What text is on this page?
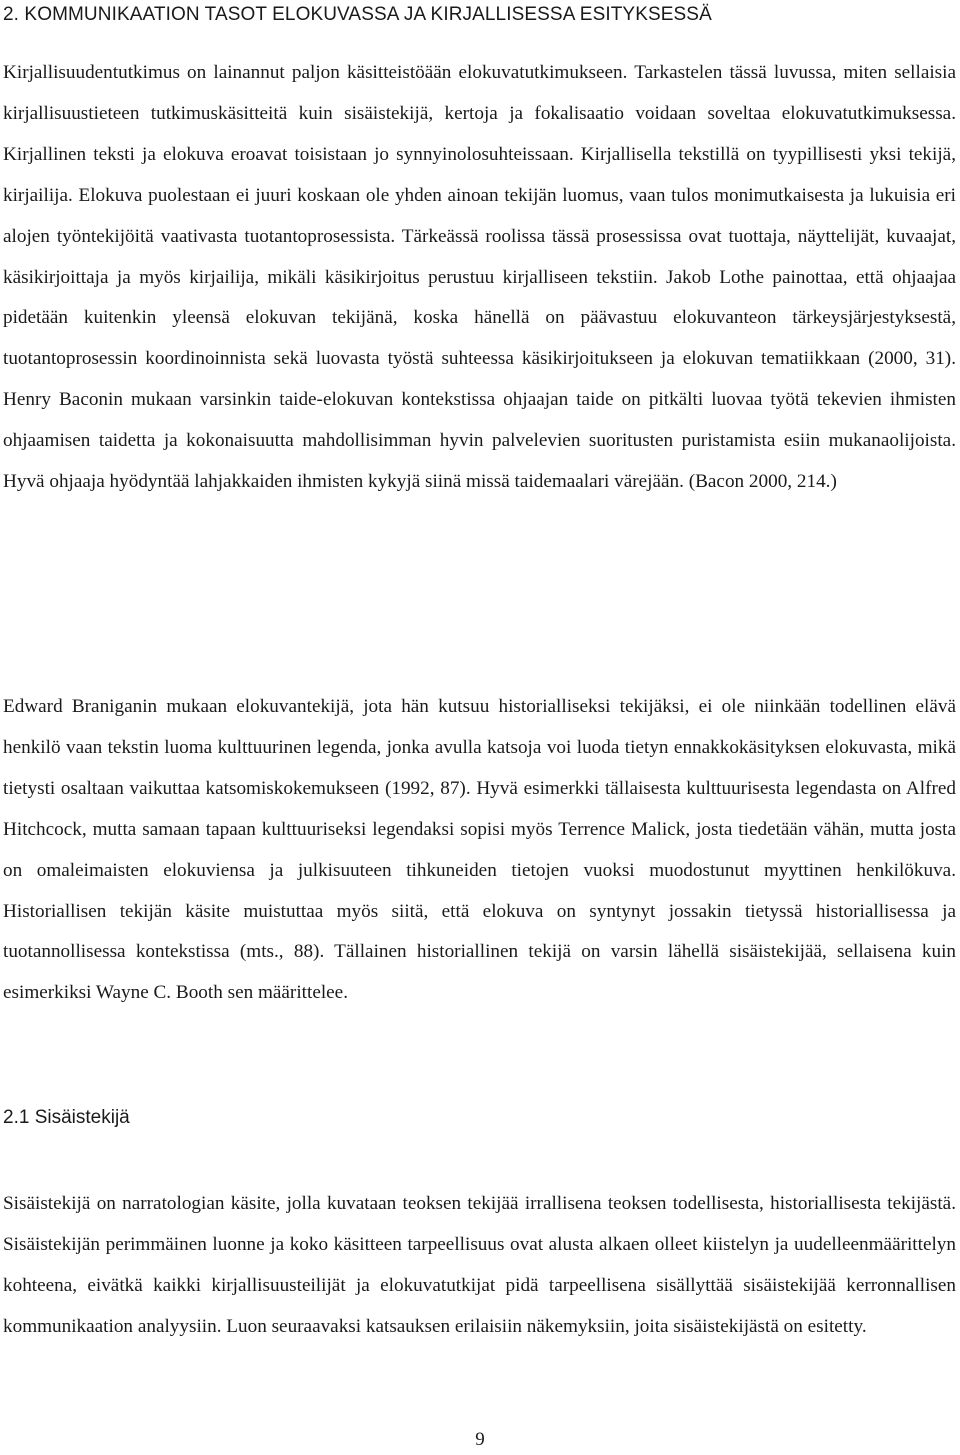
2. KOMMUNIKAATION TASOT ELOKUVASSA JA KIRJALLISESSA ESITYKSESSÄ

Kirjallisuudentutkimus on lainannut paljon käsitteistöään elokuvatutkimukseen. Tarkastelen tässä luvussa, miten sellaisia kirjallisuustieteen tutkimuskäsitteitä kuin sisäistekijä, kertoja ja fokalisaatio voidaan soveltaa elokuvatutkimuksessa. Kirjallinen teksti ja elokuva eroavat toisistaan jo synnyinolosuhteissaan. Kirjallisella tekstillä on tyypillisesti yksi tekijä, kirjailija. Elokuva puolestaan ei juuri koskaan ole yhden ainoan tekijän luomus, vaan tulos monimutkaisesta ja lukuisia eri alojen työntekijöitä vaativasta tuotantoprosessista. Tärkeässä roolissa tässä prosessissa ovat tuottaja, näyttelijät, kuvaajat, käsikirjoittaja ja myös kirjailija, mikäli käsikirjoitus perustuu kirjalliseen tekstiin. Jakob Lothe painottaa, että ohjaajaa pidetään kuitenkin yleensä elokuvan tekijänä, koska hänellä on päävastuu elokuvanteon tärkeysjärjestyksestä, tuotantoprosessin koordinoinnista sekä luovasta työstä suhteessa käsikirjoitukseen ja elokuvan tematiikkaan (2000, 31). Henry Baconin mukaan varsinkin taide-elokuvan kontekstissa ohjaajan taide on pitkälti luovaa työtä tekevien ihmisten ohjaamisen taidetta ja kokonaisuutta mahdollisimman hyvin palvelevien suoritusten puristamista esiin mukanaolijoista. Hyvä ohjaaja hyödyntää lahjakkaiden ihmisten kykyjä siinä missä taidemaalari värejään. (Bacon 2000, 214.)

Edward Braniganin mukaan elokuvantekijä, jota hän kutsuu historialliseksi tekijäksi, ei ole niinkään todellinen elävä henkilö vaan tekstin luoma kulttuurinen legenda, jonka avulla katsoja voi luoda tietyn ennakkokäsityksen elokuvasta, mikä tietysti osaltaan vaikuttaa katsomiskokemukseen (1992, 87). Hyvä esimerkki tällaisesta kulttuurisesta legendasta on Alfred Hitchcock, mutta samaan tapaan kulttuuriseksi legendaksi sopisi myös Terrence Malick, josta tiedetään vähän, mutta josta on omaleimaisten elokuviensa ja julkisuuteen tihkuneiden tietojen vuoksi muodostunut myyttinen henkilökuva. Historiallisen tekijän käsite muistuttaa myös siitä, että elokuva on syntynyt jossakin tietyssä historiallisessa ja tuotannollisessa kontekstissa (mts., 88). Tällainen historiallinen tekijä on varsin lähellä sisäistekijää, sellaisena kuin esimerkiksi Wayne C. Booth sen määrittelee.

2.1 Sisäistekijä

Sisäistekijä on narratologian käsite, jolla kuvataan teoksen tekijää irrallisena teoksen todellisesta, historiallisesta tekijästä. Sisäistekijän perimmäinen luonne ja koko käsitteen tarpeellisuus ovat alusta alkaen olleet kiistelyn ja uudelleenmäärittelyn kohteena, eivätkä kaikki kirjallisuusteilijät ja elokuvatutkijat pidä tarpeellisena sisällyttää sisäistekijää kerronnallisen kommunikaation analyysiin. Luon seuraavaksi katsauksen erilaisiin näkemyksiin, joita sisäistekijästä on esitetty.

9
